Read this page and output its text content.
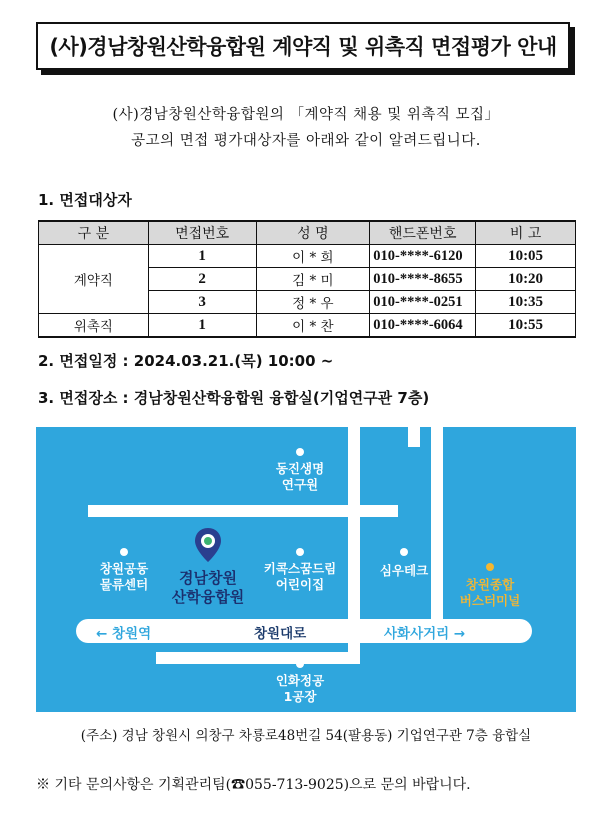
(사)경남창원산학융합원 계약직 및 위촉직 면접평가 안내
(사)경남창원산학융합원의 「계약직 채용 및 위촉직 모집」
공고의 면접 평가대상자를 아래와 같이 알려드립니다.
1. 면접대상자
구 분	면접번호	성 명	핸드폰번호	비 고
계약직	1	이 * 희	010-****-6120	10:05
	2	김 * 미	010-****-8655	10:20
	3	정 * 우	010-****-0251	10:35
위촉직	1	이 * 찬	010-****-6064	10:55
2. 면접일정 : 2024.03.21.(목) 10:00 ~
3. 면접장소 : 경남창원산학융합원 융합실(기업연구관 7층)
← 창원역	창원대로	사화사거리 →
동진생명
연구원
창원공동
물류센터	경남창원
산학융합원
키콕스꿈드림
어린이집
심우테크
창원종합
버스터미널
인화정공
1공장
(주소) 경남 창원시 의창구 차룡로48번길 54(팔용동) 기업연구관 7층 융합실
※ 기타 문의사항은 기획관리팀(☎055-713-9025)으로 문의 바랍니다.
